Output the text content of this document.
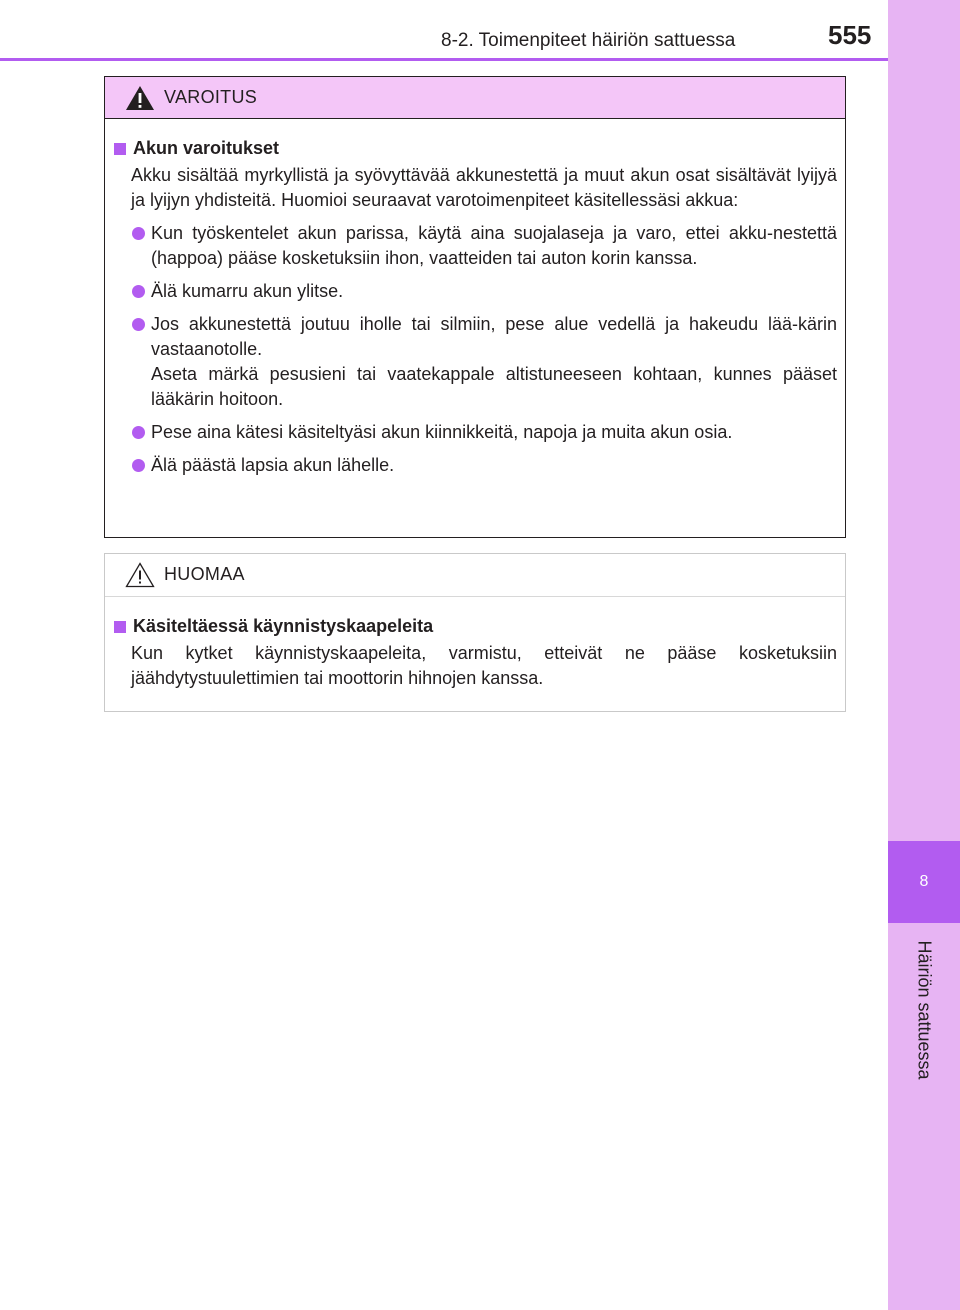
8
Häiriön sattuessa
8-2. Toimenpiteet häiriön sattuessa	555
VAROITUS
Akun varoitukset
Akku sisältää myrkyllistä ja syövyttävää akkunestettä ja muut akun osat sisältävät lyijyä ja lyijyn yhdisteitä. Huomioi seuraavat varotoimenpiteet käsitellessäsi akkua:
Kun työskentelet akun parissa, käytä aina suojalaseja ja varo, ettei akku-nestettä (happoa) pääse kosketuksiin ihon, vaatteiden tai auton korin kanssa.
Älä kumarru akun ylitse.
Jos akkunestettä joutuu iholle tai silmiin, pese alue vedellä ja hakeudu lää-kärin vastaanotolle.
Aseta märkä pesusieni tai vaatekappale altistuneeseen kohtaan, kunnes pääset lääkärin hoitoon.
Pese aina kätesi käsiteltyäsi akun kiinnikkeitä, napoja ja muita akun osia.
Älä päästä lapsia akun lähelle.
HUOMAA
Käsiteltäessä käynnistyskaapeleita
Kun kytket käynnistyskaapeleita, varmistu, etteivät ne pääse kosketuksiin jäähdytystuulettimien tai moottorin hihnojen kanssa.
